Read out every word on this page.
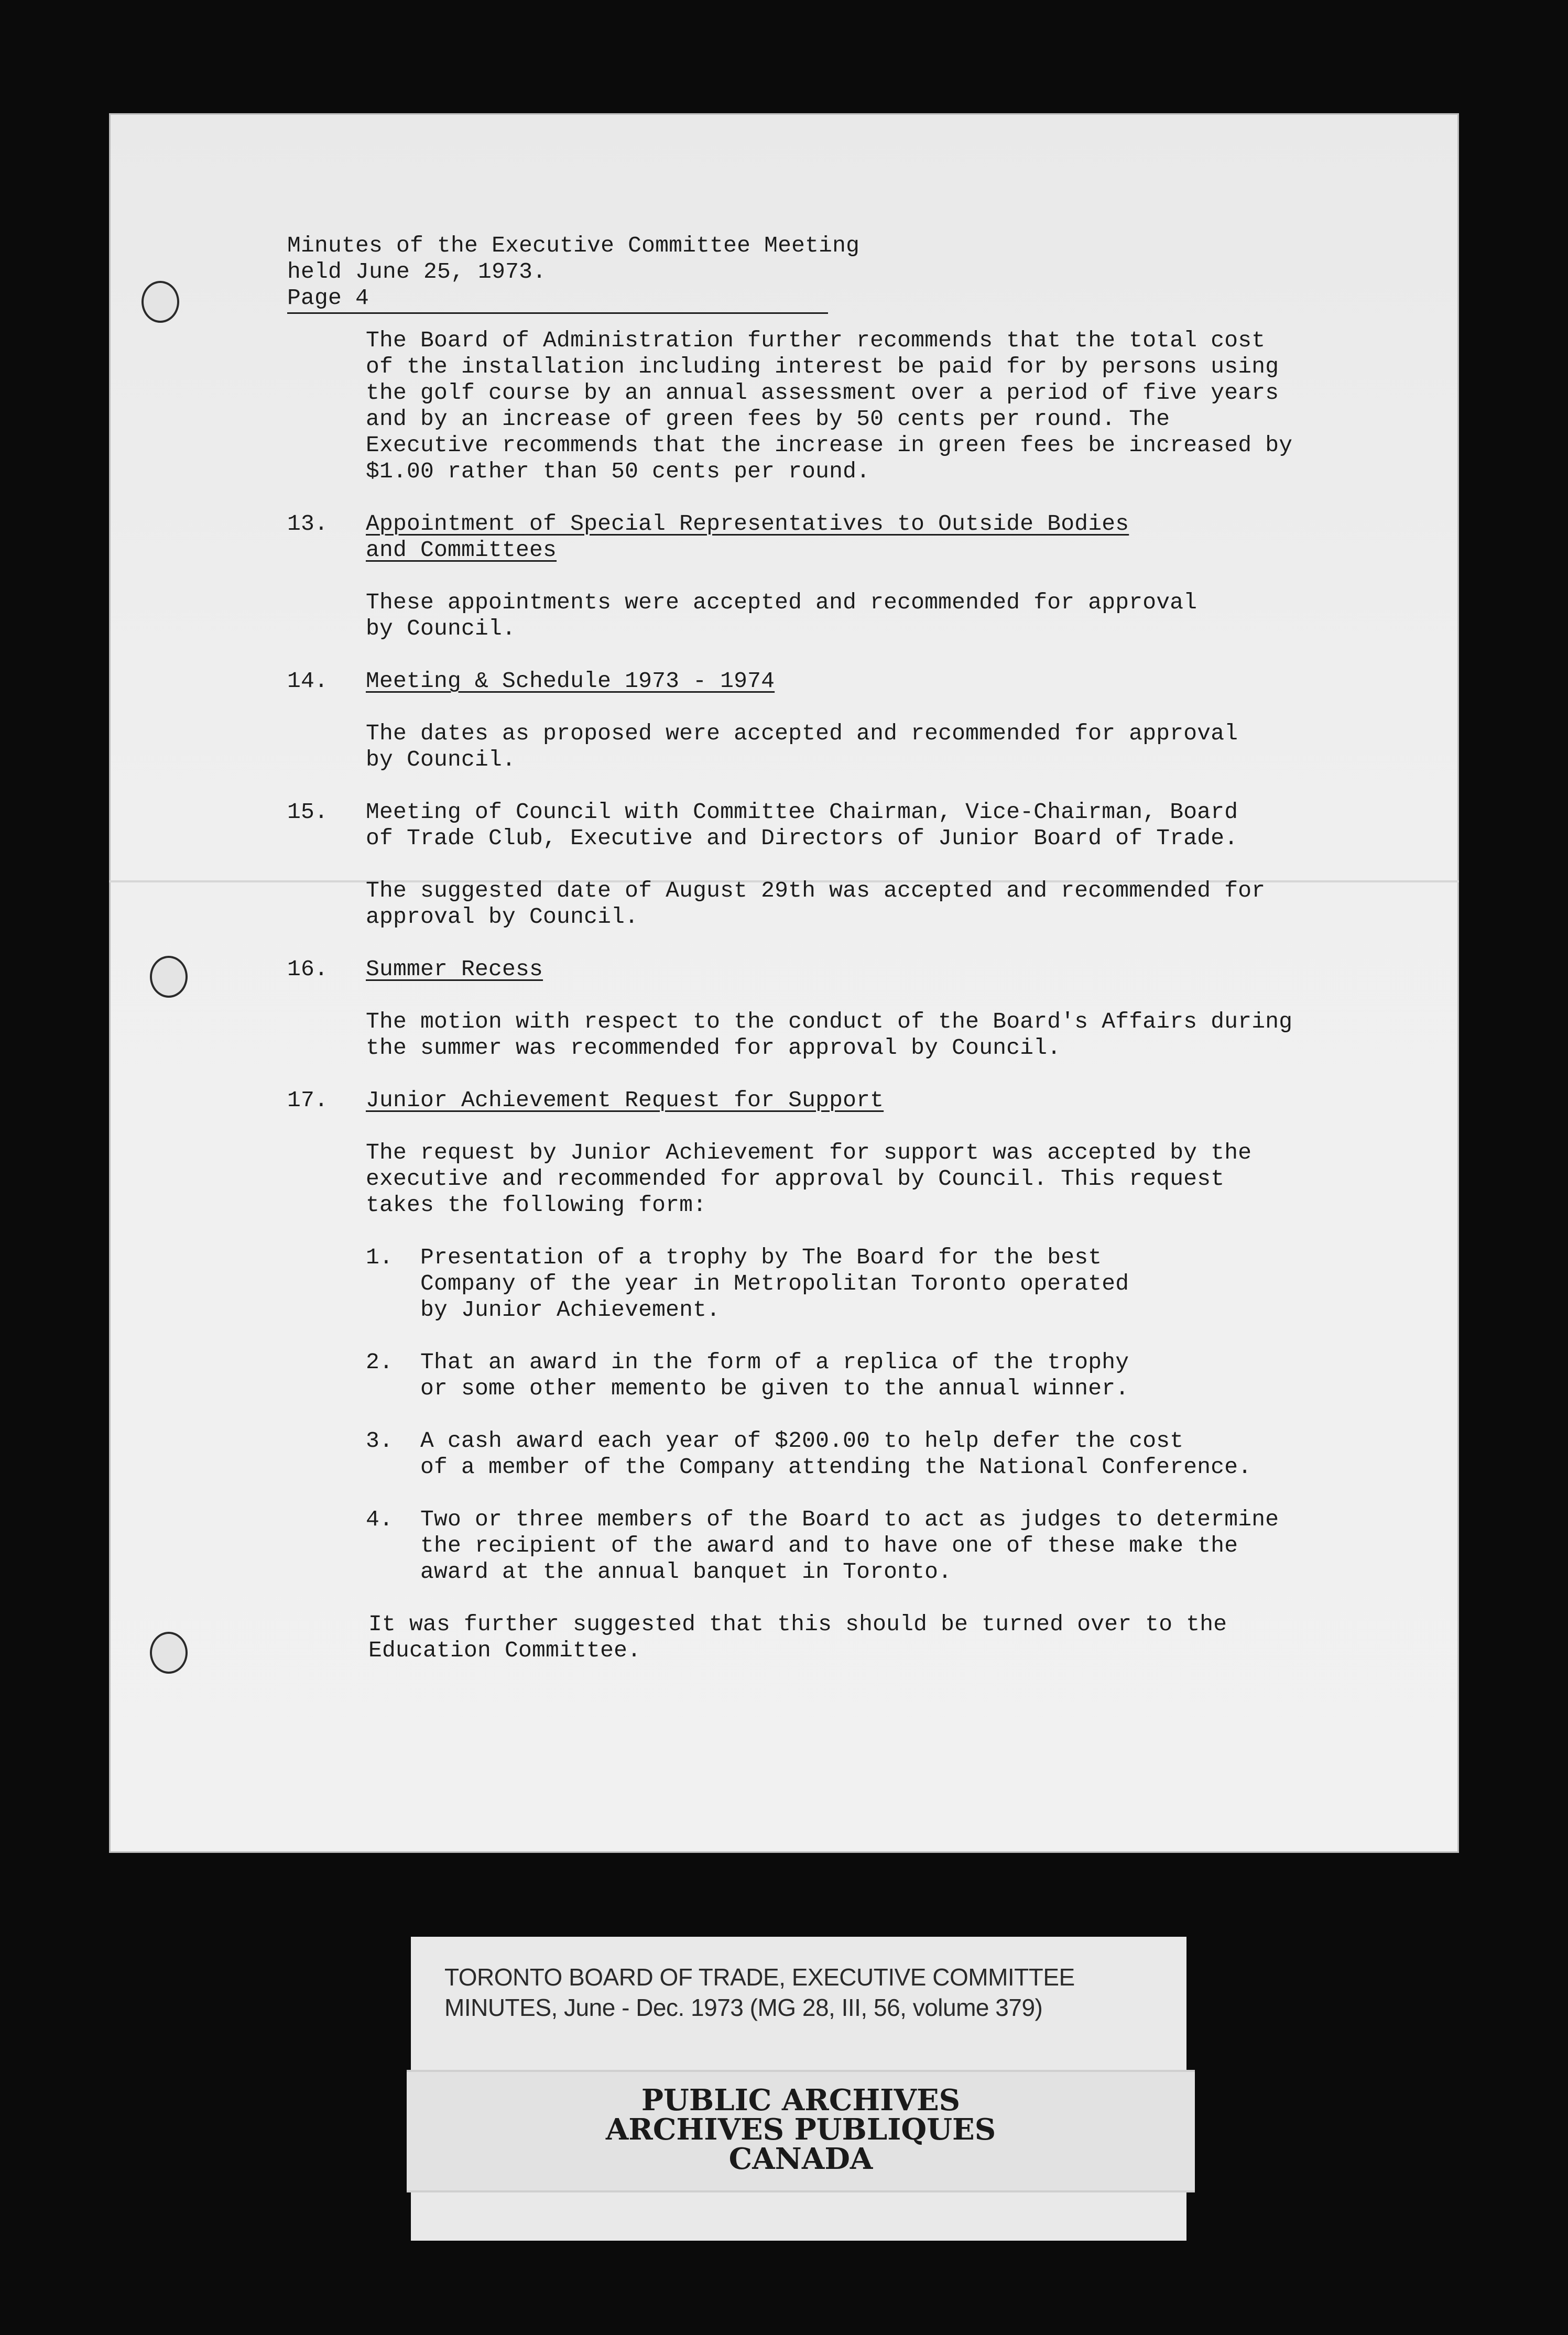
Minutes of the Executive Committee Meeting
held June 25, 1973.
Page 4

The Board of Administration further recommends that the total cost
of the installation including interest be paid for by persons using
the golf course by an annual assessment over a period of five years
and by an increase of green fees by 50 cents per round. The
Executive recommends that the increase in green fees be increased by
$1.00 rather than 50 cents per round.

13.	Appointment of Special Representatives to Outside Bodies
and Committees
These appointments were accepted and recommended for approval
by Council.
14.	Meeting & Schedule 1973 - 1974
The dates as proposed were accepted and recommended for approval
by Council.
15.	Meeting of Council with Committee Chairman, Vice-Chairman, Board
of Trade Club, Executive and Directors of Junior Board of Trade.
The suggested date of August 29th was accepted and recommended for
approval by Council.
16.	Summer Recess
The motion with respect to the conduct of the Board's Affairs during
the summer was recommended for approval by Council.
17.	Junior Achievement Request for Support
The request by Junior Achievement for support was accepted by the
executive and recommended for approval by Council. This request
takes the following form:
1.	Presentation of a trophy by The Board for the best
Company of the year in Metropolitan Toronto operated
by Junior Achievement.
2.	That an award in the form of a replica of the trophy
or some other memento be given to the annual winner.
3.	A cash award each year of $200.00 to help defer the cost
of a member of the Company attending the National Conference.
4.	Two or three members of the Board to act as judges to determine
the recipient of the award and to have one of these make the
award at the annual banquet in Toronto.

It was further suggested that this should be turned over to the
Education Committee.

TORONTO BOARD OF TRADE, EXECUTIVE COMMITTEE
MINUTES, June - Dec. 1973 (MG 28, III, 56, volume 379)
PUBLIC ARCHIVES
ARCHIVES PUBLIQUES
CANADA
